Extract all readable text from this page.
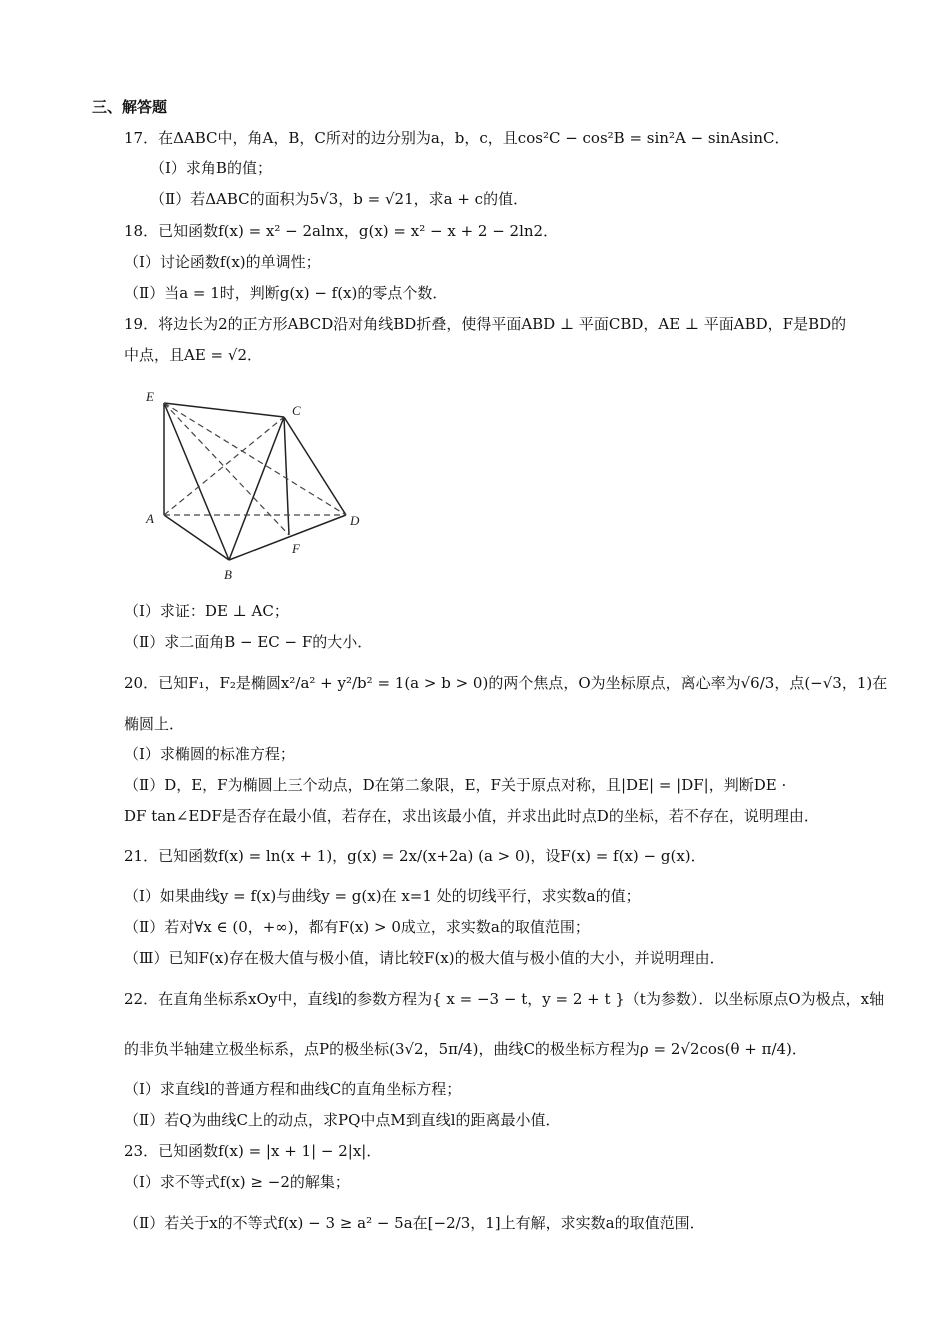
三、解答题
17．在ΔABC中，角A，B，C所对的边分别为a，b，c，且cos²C − cos²B = sin²A − sinAsinC．
（Ⅰ）求角B的值；
（Ⅱ）若ΔABC的面积为5√3，b = √21，求a + c的值．
18．已知函数f(x) = x² − 2alnx，g(x) = x² − x + 2 − 2ln2．
（Ⅰ）讨论函数f(x)的单调性；
（Ⅱ）当a = 1时，判断g(x) − f(x)的零点个数．
19．将边长为2的正方形ABCD沿对角线BD折叠，使得平面ABD ⊥ 平面CBD，AE ⊥ 平面ABD，F是BD的
中点，且AE = √2．
E
C
A	D
F
B
（Ⅰ）求证：DE ⊥ AC；
（Ⅱ）求二面角B − EC − F的大小．
20．已知F₁，F₂是椭圆x²/a² + y²/b² = 1(a > b > 0)的两个焦点，O为坐标原点，离心率为√6/3，点(−√3，1)在
椭圆上．
（Ⅰ）求椭圆的标准方程；
（Ⅱ）D，E，F为椭圆上三个动点，D在第二象限，E，F关于原点对称，且|DE| = |DF|，判断DE ·
DF tan∠EDF是否存在最小值，若存在，求出该最小值，并求出此时点D的坐标，若不存在，说明理由．
21．已知函数f(x) = ln(x + 1)，g(x) = 2x/(x+2a) (a > 0)，设F(x) = f(x) − g(x)．
（Ⅰ）如果曲线y = f(x)与曲线y = g(x)在 x=1 处的切线平行，求实数a的值；
（Ⅱ）若对∀x ∈ (0，+∞)，都有F(x) > 0成立，求实数a的取值范围；
（Ⅲ）已知F(x)存在极大值与极小值，请比较F(x)的极大值与极小值的大小，并说明理由．
22．在直角坐标系xOy中，直线l的参数方程为{ x = −3 − t，y = 2 + t }（t为参数）．以坐标原点O为极点，x轴
的非负半轴建立极坐标系，点P的极坐标(3√2，5π/4)，曲线C的极坐标方程为ρ = 2√2cos(θ + π/4)．
（Ⅰ）求直线l的普通方程和曲线C的直角坐标方程；
（Ⅱ）若Q为曲线C上的动点，求PQ中点M到直线l的距离最小值．
23．已知函数f(x) = |x + 1| − 2|x|．
（Ⅰ）求不等式f(x) ≥ −2的解集；
（Ⅱ）若关于x的不等式f(x) − 3 ≥ a² − 5a在[−2/3，1]上有解，求实数a的取值范围．
